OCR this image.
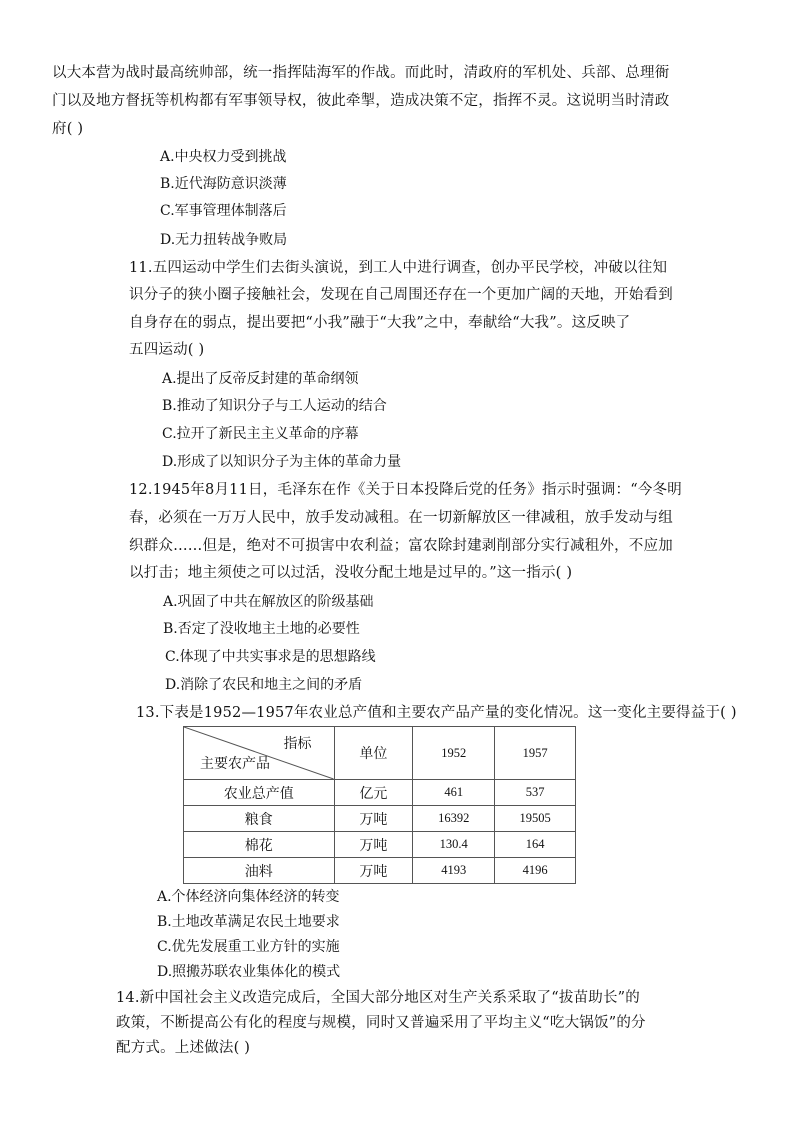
以大本营为战时最高统帅部，统一指挥陆海军的作战。而此时，清政府的军机处、兵部、总理衙
门以及地方督抚等机构都有军事领导权，彼此牵掣，造成决策不定，指挥不灵。这说明当时清政
府( )
A.中央权力受到挑战
B.近代海防意识淡薄
C.军事管理体制落后
D.无力扭转战争败局
11.五四运动中学生们去街头演说，到工人中进行调查，创办平民学校，冲破以往知
识分子的狭小圈子接触社会，发现在自己周围还存在一个更加广阔的天地，开始看到
自身存在的弱点，提出要把“小我”融于“大我”之中，奉献给“大我”。这反映了
五四运动( )
A.提出了反帝反封建的革命纲领
B.推动了知识分子与工人运动的结合
C.拉开了新民主主义革命的序幕
D.形成了以知识分子为主体的革命力量
12.1945年8月11日，毛泽东在作《关于日本投降后党的任务》指示时强调：“今冬明
春，必须在一万万人民中，放手发动减租。在一切新解放区一律减租，放手发动与组
织群众……但是，绝对不可损害中农利益；富农除封建剥削部分实行减租外，不应加
以打击；地主须使之可以过活，没收分配土地是过早的。”这一指示( )
A.巩固了中共在解放区的阶级基础
B.否定了没收地主土地的必要性
C.体现了中共实事求是的思想路线
D.消除了农民和地主之间的矛盾
13.下表是1952—1957年农业总产值和主要农产品产量的变化情况。这一变化主要得益于( )
指标
主要农产品	单位	1952	1957
农业总产值	亿元	461	537
粮食	万吨	16392	19505
棉花	万吨	130.4	164
油料	万吨	4193	4196
A.个体经济向集体经济的转变
B.土地改革满足农民土地要求
C.优先发展重工业方针的实施
D.照搬苏联农业集体化的模式
14.新中国社会主义改造完成后，全国大部分地区对生产关系采取了“拔苗助长”的
政策，不断提高公有化的程度与规模，同时又普遍采用了平均主义“吃大锅饭”的分
配方式。上述做法( )
